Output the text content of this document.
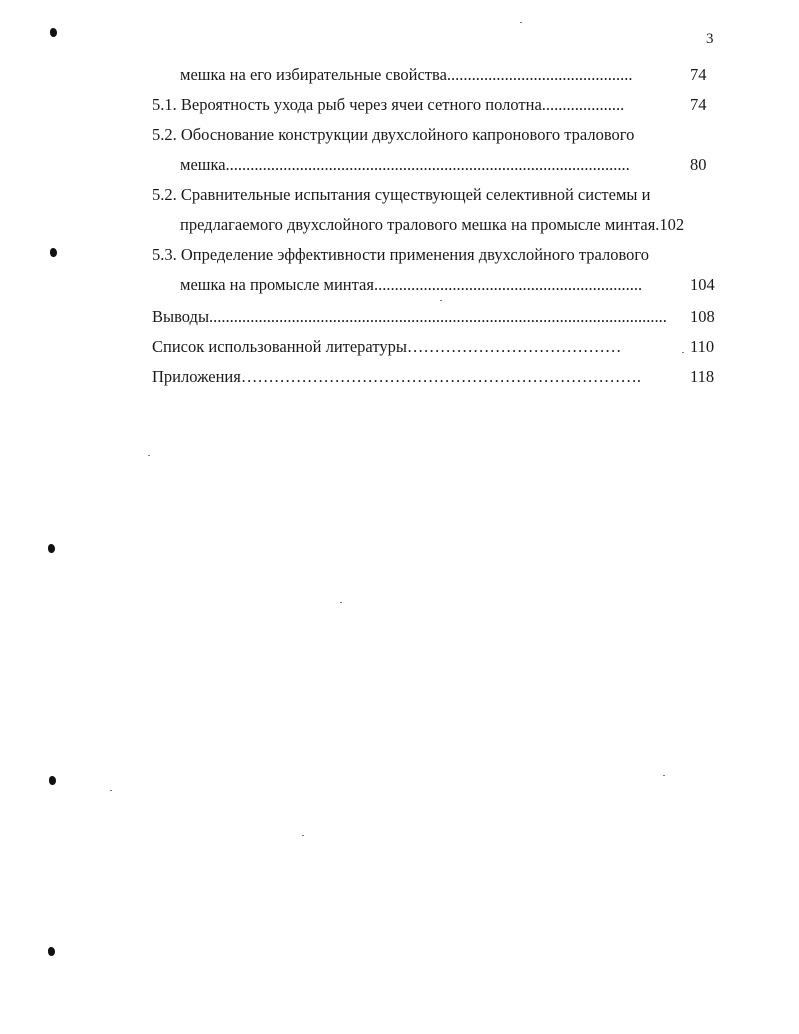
3
мешка на его избирательные свойства.............................................	74
5.1. Вероятность ухода рыб через ячеи сетного полотна....................	74
5.2. Обоснование конструкции двухслойного капронового тралового
мешка..................................................................................................	80
5.2. Сравнительные испытания существующей селективной системы и
предлагаемого двухслойного тралового мешка на промысле минтая.102
5.3. Определение эффективности применения двухслойного тралового
мешка на промысле минтая.................................................................	104
Выводы............................................................................................................... 108
Список использованной литературы…………………………………	110
Приложения……………………………………………………………….	118
